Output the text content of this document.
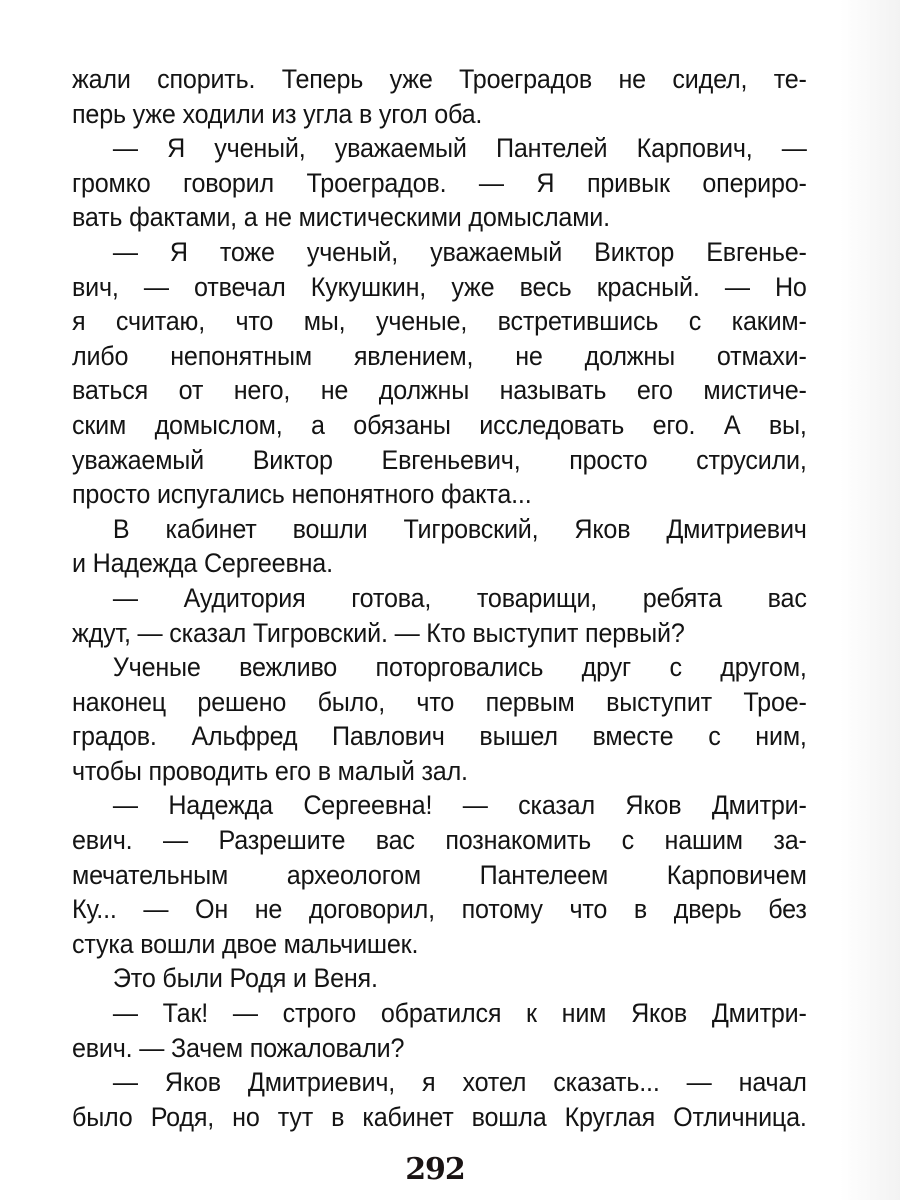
жали спорить. Теперь уже Троеградов не сидел, те-
перь уже ходили из угла в угол оба.
— Я ученый, уважаемый Пантелей Карпович, —
громко говорил Троеградов. — Я привык опериро-
вать фактами, а не мистическими домыслами.
— Я тоже ученый, уважаемый Виктор Евгенье-
вич, — отвечал Кукушкин, уже весь красный. — Но
я считаю, что мы, ученые, встретившись с каким-
либо непонятным явлением, не должны отмахи-
ваться от него, не должны называть его мистиче-
ским домыслом, а обязаны исследовать его. А вы,
уважаемый Виктор Евгеньевич, просто струсили,
просто испугались непонятного факта...
В кабинет вошли Тигровский, Яков Дмитриевич
и Надежда Сергеевна.
— Аудитория готова, товарищи, ребята вас
ждут, — сказал Тигровский. — Кто выступит первый?
Ученые вежливо поторговались друг с другом,
наконец решено было, что первым выступит Трое-
градов. Альфред Павлович вышел вместе с ним,
чтобы проводить его в малый зал.
— Надежда Сергеевна! — сказал Яков Дмитри-
евич. — Разрешите вас познакомить с нашим за-
мечательным археологом Пантелеем Карповичем
Ку... — Он не договорил, потому что в дверь без
стука вошли двое мальчишек.
Это были Родя и Веня.
— Так! — строго обратился к ним Яков Дмитри-
евич. — Зачем пожаловали?
— Яков Дмитриевич, я хотел сказать... — начал
было Родя, но тут в кабинет вошла Круглая Отличница.
292
